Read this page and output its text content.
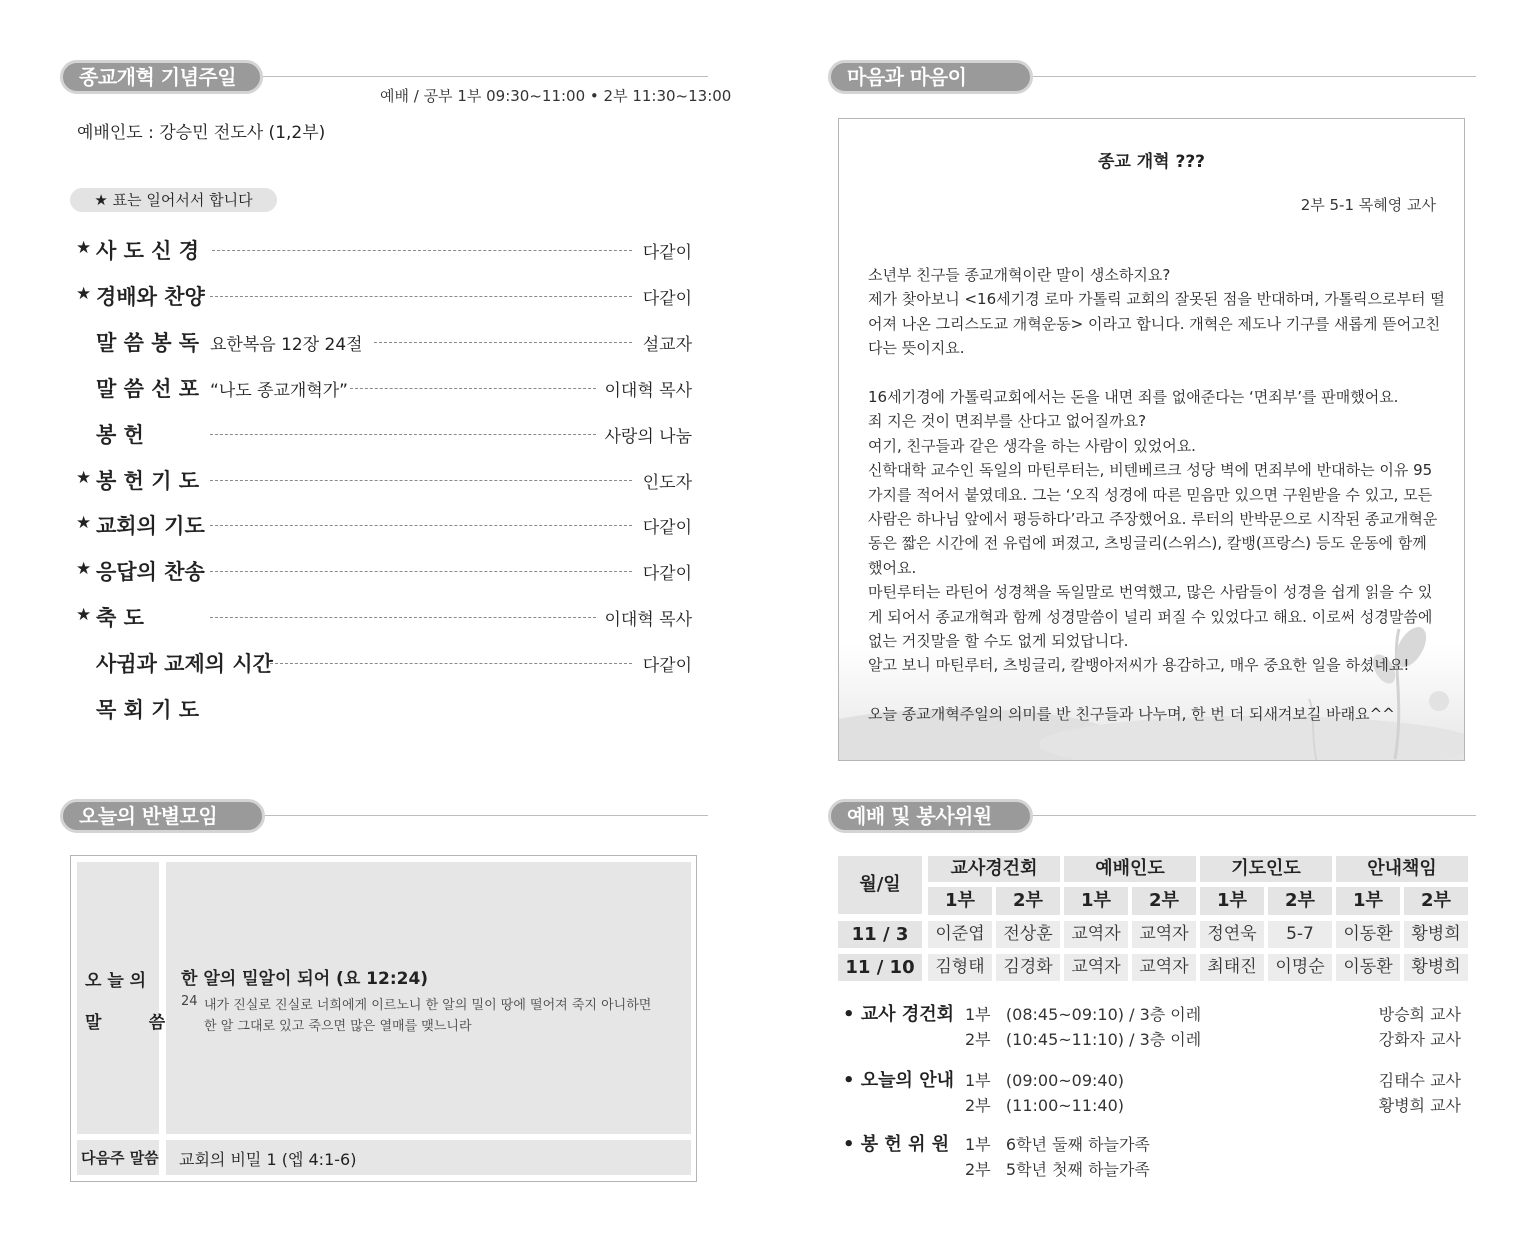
종교개혁 기념주일
예배 / 공부 1부 09:30~11:00 • 2부 11:30~13:00
예배인도 : 강승민 전도사 (1,2부)
★ 표는 일어서서 합니다
★ 사 도 신 경	다같이
★ 경배와 찬양	다같이
말 씀 봉 독 요한복음 12장 24절	설교자
말 씀 선 포 “나도 종교개혁가”	이대혁 목사
봉 헌	사랑의 나눔
★ 봉 헌 기 도	인도자
★ 교회의 기도	다같이
★ 응답의 찬송	다같이
★ 축 도	이대혁 목사
사귐과 교제의 시간	다같이
목 회 기 도
오늘의 반별모임
오 늘 의
말        씀
한 알의 밀알이 되어 (요 12:24)
24 내가 진실로 진실로 너희에게 이르노니 한 알의 밀이 땅에 떨어져 죽지 아니하면
한 알 그대로 있고 죽으면 많은 열매를 맺느니라
다음주 말씀 교회의 비밀 1 (엡 4:1-6)
마음과 마음이
종교 개혁 ???
2부 5-1 목혜영 교사

소년부 친구들 종교개혁이란 말이 생소하지요?

제가 찾아보니 <16세기경 로마 가톨릭 교회의 잘못된 점을 반대하며, 가톨릭으로부터 떨

어져 나온 그리스도교 개혁운동> 이라고 합니다. 개혁은 제도나 기구를 새롭게 뜯어고친

다는 뜻이지요.

16세기경에 가톨릭교회에서는 돈을 내면 죄를 없애준다는 ‘면죄부’를 판매했어요.

죄 지은 것이 면죄부를 산다고 없어질까요?

여기, 친구들과 같은 생각을 하는 사람이 있었어요.

신학대학 교수인 독일의 마틴루터는, 비텐베르크 성당 벽에 면죄부에 반대하는 이유 95

가지를 적어서 붙였데요. 그는 ‘오직 성경에 따른 믿음만 있으면 구원받을 수 있고, 모든

사람은 하나님 앞에서 평등하다’라고 주장했어요. 루터의 반박문으로 시작된 종교개혁운

동은 짧은 시간에 전 유럽에 퍼졌고, 츠빙글리(스위스), 칼뱅(프랑스) 등도 운동에 함께

했어요.

마틴루터는 라틴어 성경책을 독일말로 번역했고, 많은 사람들이 성경을 쉽게 읽을 수 있

게 되어서 종교개혁과 함께 성경말씀이 널리 퍼질 수 있었다고 해요. 이로써 성경말씀에

없는 거짓말을 할 수도 없게 되었답니다.

알고 보니 마틴루터, 츠빙글리, 칼뱅아저씨가 용감하고, 매우 중요한 일을 하셨네요!

오늘 종교개혁주일의 의미를 반 친구들과 나누며, 한 번 더 되새겨보길 바래요^^

예배 및 봉사위원
월/일
교사경건회	예배인도	기도인도	안내책임
1부	2부	1부	2부	1부	2부	1부	2부
11 / 3	이준엽	전상훈	교역자	교역자	정연욱	5-7	이동환	황병희
11 / 10	김형태	김경화	교역자	교역자	최태진	이명순	이동환	황병희
• 교사 경건회 1부   (08:45~09:10) / 3층 이레	방승희 교사
2부   (10:45~11:10) / 3층 이레	강화자 교사
• 오늘의 안내 1부   (09:00~09:40)	김태수 교사
2부   (11:00~11:40)	황병희 교사
• 봉 헌 위 원 1부   6학년 둘째 하늘가족
2부   5학년 첫째 하늘가족
